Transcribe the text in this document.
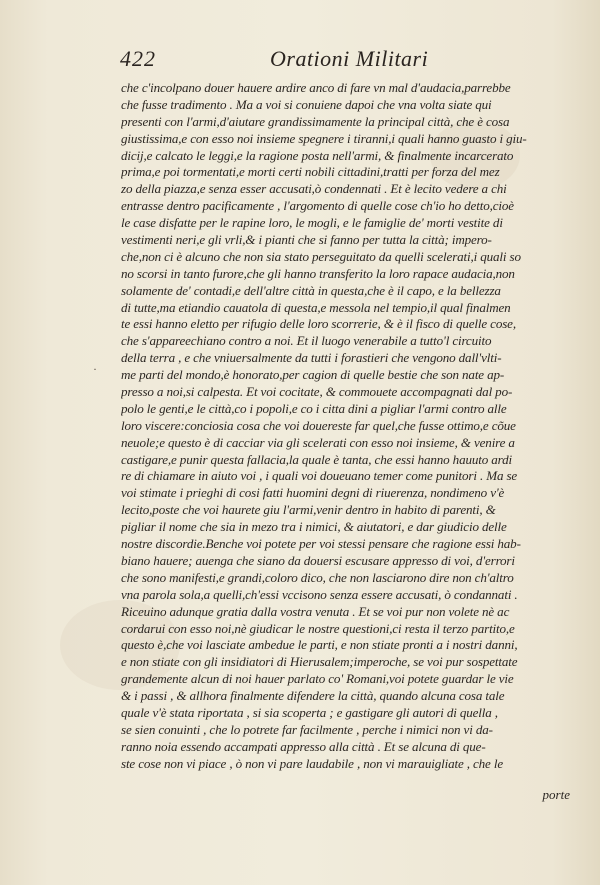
422	Orationi Militari
·
che c'incolpano douer hauere ardire anco di fare vn mal d'audacia,parrebbe
che fusse tradimento . Ma a voi si conuiene dapoi che vna volta siate qui
presenti con l'armi,d'aiutare grandissimamente la principal città, che è cosa
giustissima,e con esso noi insieme spegnere i tiranni,i quali hanno guasto i giu-
dicij,e calcato le leggi,e la ragione posta nell'armi, & finalmente incarcerato
prima,e poi tormentati,e morti certi nobili cittadini,tratti per forza del mez
zo della piazza,e senza esser accusati,ò condennati . Et è lecito vedere a chi
entrasse dentro pacificamente , l'argomento di quelle cose ch'io ho detto,cioè
le case disfatte per le rapine loro, le mogli, e le famiglie de' morti vestite di
vestimenti neri,e gli vrli,& i pianti che si fanno per tutta la città; impero-
che,non ci è alcuno che non sia stato perseguitato da quelli scelerati,i quali so
no scorsi in tanto furore,che gli hanno transferito la loro rapace audacia,non
solamente de' contadi,e dell'altre città in questa,che è il capo, e la bellezza
di tutte,ma etiandio cauatola di questa,e messola nel tempio,il qual finalmen
te essi hanno eletto per rifugio delle loro scorrerie, & è il fisco di quelle cose,
che s'appareechiano contro a noi. Et il luogo venerabile a tutto'l circuito
della terra , e che vniuersalmente da tutti i forastieri che vengono dall'vlti-
me parti del mondo,è honorato,per cagion di quelle bestie che son nate ap-
presso a noi,si calpesta. Et voi cocitate, & commouete accompagnati dal po-
polo le genti,e le città,co i popoli,e co i citta dini a pigliar l'armi contro alle
loro viscere:conciosia cosa che voi douereste far quel,che fusse ottimo,e cõue
neuole;e questo è di cacciar via gli scelerati con esso noi insieme, & venire a
castigare,e punir questa fallacia,la quale è tanta, che essi hanno hauuto ardi
re di chiamare in aiuto voi , i quali voi doueuano temer come punitori . Ma se
voi stimate i prieghi di cosi fatti huomini degni di riuerenza, nondimeno v'è
lecito,poste che voi haurete giu l'armi,venir dentro in habito di parenti, &
pigliar il nome che sia in mezo tra i nimici, & aiutatori, e dar giudicio delle
nostre discordie.Benche voi potete per voi stessi pensare che ragione essi hab-
biano hauere; auenga che siano da douersi escusare appresso di voi, d'errori
che sono manifesti,e grandi,coloro dico, che non lasciarono dire non ch'altro
vna parola sola,a quelli,ch'essi vccisono senza essere accusati, ò condannati .
Riceuino adunque gratia dalla vostra venuta . Et se voi pur non volete nè ac
cordarui con esso noi,nè giudicar le nostre questioni,ci resta il terzo partito,e
questo è,che voi lasciate ambedue le parti, e non stiate pronti a i nostri danni,
e non stiate con gli insidiatori di Hierusalem;imperoche, se voi pur sospettate
grandemente alcun di noi hauer parlato co' Romani,voi potete guardar le vie
& i passi , & allhora finalmente difendere la città, quando alcuna cosa tale
quale v'è stata riportata , si sia scoperta ; e gastigare gli autori di quella ,
se sien conuinti , che lo potrete far facilmente , perche i nimici non vi da-
ranno noia essendo accampati appresso alla città . Et se alcuna di que-
ste cose non vi piace , ò non vi pare laudabile , non vi marauigliate , che le
porte
